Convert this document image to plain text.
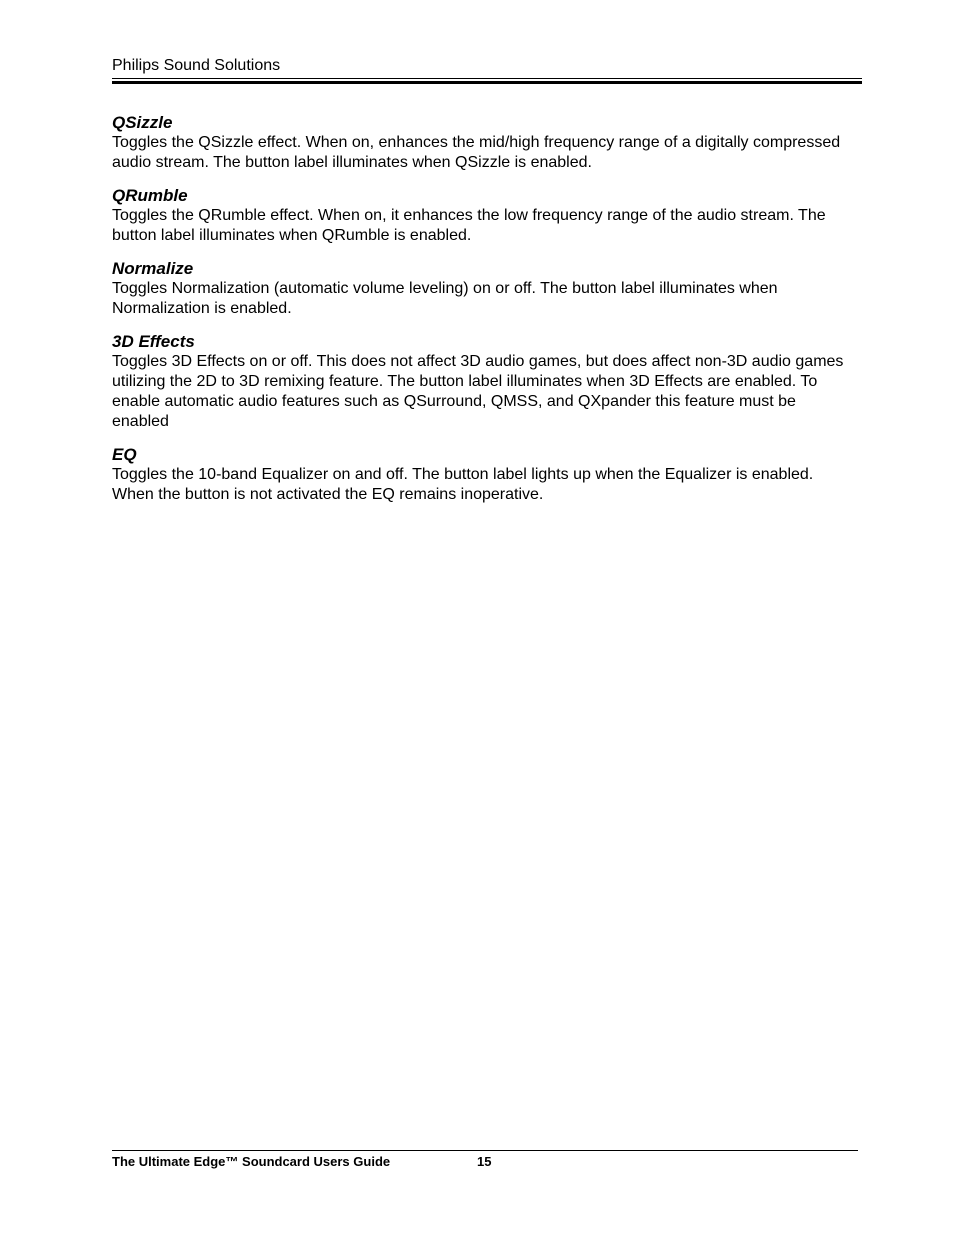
Philips Sound Solutions

QSizzle

Toggles the QSizzle effect. When on, enhances the mid/high frequency range of a digitally compressed audio stream. The button label illuminates when QSizzle is enabled.

QRumble

Toggles the QRumble effect. When on, it enhances the low frequency range of the audio stream. The button label illuminates when QRumble is enabled.

Normalize

Toggles Normalization (automatic volume leveling) on or off. The button label illuminates when Normalization is enabled.

3D Effects

Toggles 3D Effects on or off. This does not affect 3D audio games, but does affect non-3D audio games utilizing the 2D to 3D remixing feature. The button label illuminates when 3D Effects are enabled. To enable automatic audio features such as QSurround, QMSS, and QXpander this feature must be enabled

EQ

Toggles the 10-band Equalizer on and off. The button label lights up when the Equalizer is enabled. When the button is not activated the EQ remains inoperative.

The Ultimate Edge™ Soundcard Users Guide	15
